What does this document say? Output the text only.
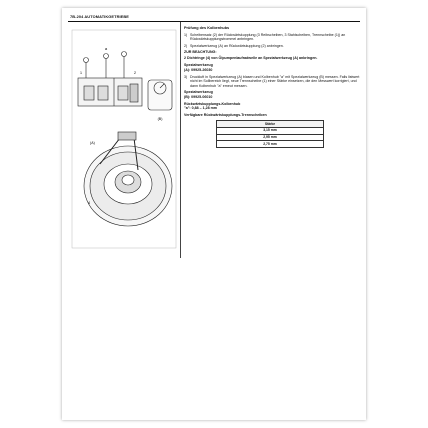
7B-204 AUTOMATIKGETRIEBE
a
1	2
(B)
(A)
4
Prüfung des Kolbenhubs
1) Scheibensatz (2) der Rückwärtskupplung (3 Reibscheiben, 3 Stahlscheiben, Trennscheibe (1)) an Rückwärtskupplungstrommel anbringen.
2) Spezialwerkzeug (A) an Rückwärtskupplung (2) anbringen.
ZUR BEACHTUNG:

2 Dichtringe (4) von Ölpumpenlaufradwelle an Spezialwerkzeug (A) anbringen.

Spezialwerkzeug

(A): 09925-26030

3) Druckluft in Spezialwerkzeug (A) blasen und Kolbenhub "a" mit Spezialwerkzeug (B) messen. Falls listwert nicht im Sollbereich liegt, neue Trennscheibe (1) einer Stärke einsetzen, die den Messwert korrigiert, und dann Kolbenhub "a" erneut messen.

Spezialwerkzeug

(B): 09925-06010

Rückwärtskupplungs-Kolbenhub

"a": 0,88 – 1,28 mm

Verfügbare Rückwärtskupplungs-Trennscheiben

Stärke
3,15 mm
2,95 mm
2,75 mm
